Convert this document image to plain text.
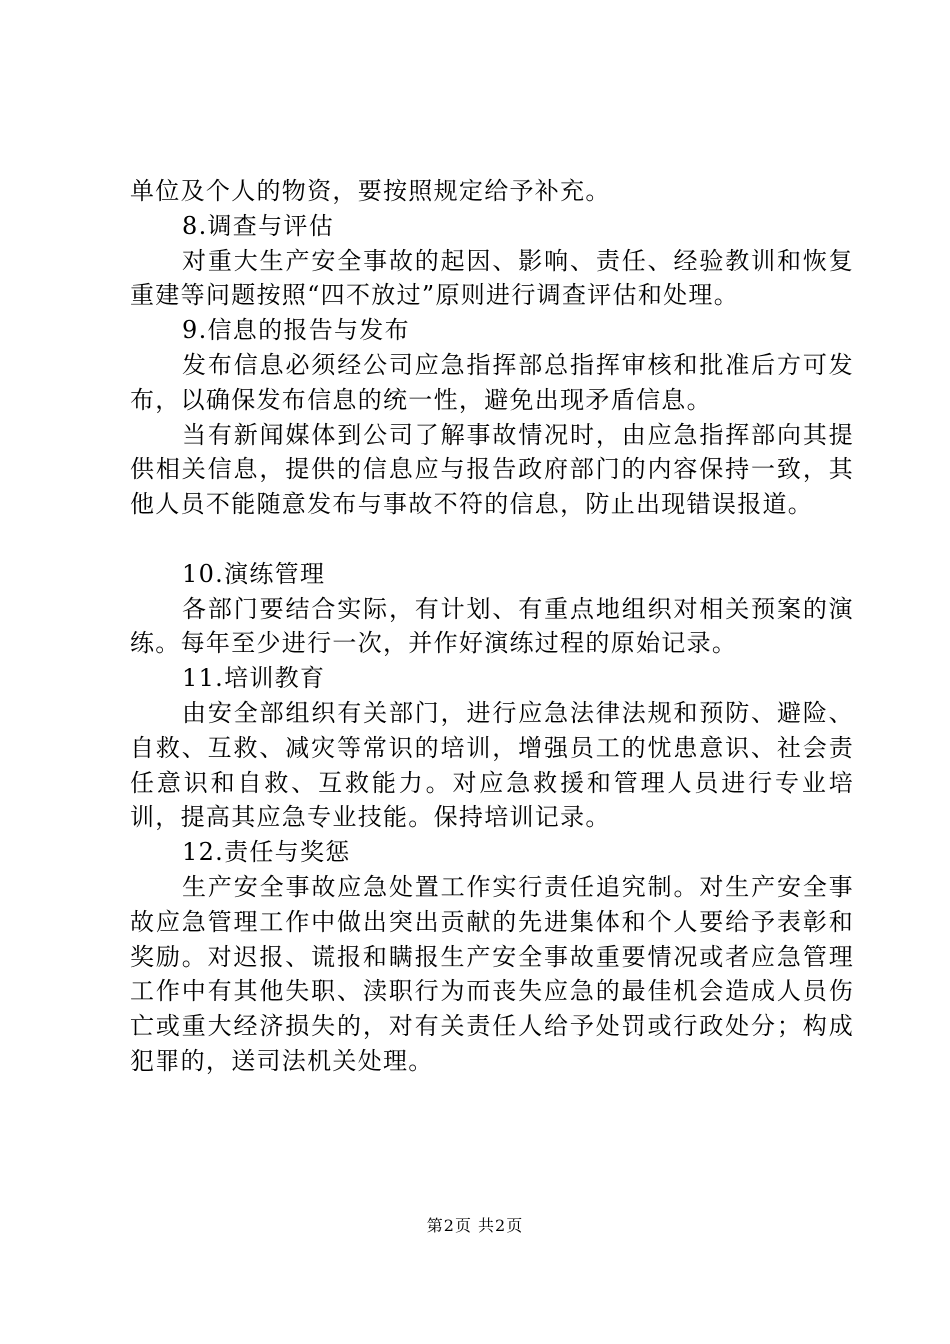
单位及个人的物资，要按照规定给予补充。

8.调查与评估

对重大生产安全事故的起因、影响、责任、经验教训和恢复重建等问题按照“四不放过”原则进行调查评估和处理。

9.信息的报告与发布

发布信息必须经公司应急指挥部总指挥审核和批准后方可发布，以确保发布信息的统一性，避免出现矛盾信息。

当有新闻媒体到公司了解事故情况时，由应急指挥部向其提供相关信息，提供的信息应与报告政府部门的内容保持一致，其他人员不能随意发布与事故不符的信息，防止出现错误报道。

10.演练管理

各部门要结合实际，有计划、有重点地组织对相关预案的演练。每年至少进行一次，并作好演练过程的原始记录。

11.培训教育

由安全部组织有关部门，进行应急法律法规和预防、避险、自救、互救、减灾等常识的培训，增强员工的忧患意识、社会责任意识和自救、互救能力。对应急救援和管理人员进行专业培训，提高其应急专业技能。保持培训记录。

12.责任与奖惩

生产安全事故应急处置工作实行责任追究制。对生产安全事故应急管理工作中做出突出贡献的先进集体和个人要给予表彰和奖励。对迟报、谎报和瞒报生产安全事故重要情况或者应急管理工作中有其他失职、渎职行为而丧失应急的最佳机会造成人员伤亡或重大经济损失的，对有关责任人给予处罚或行政处分；构成犯罪的，送司法机关处理。

第2页 共2页
